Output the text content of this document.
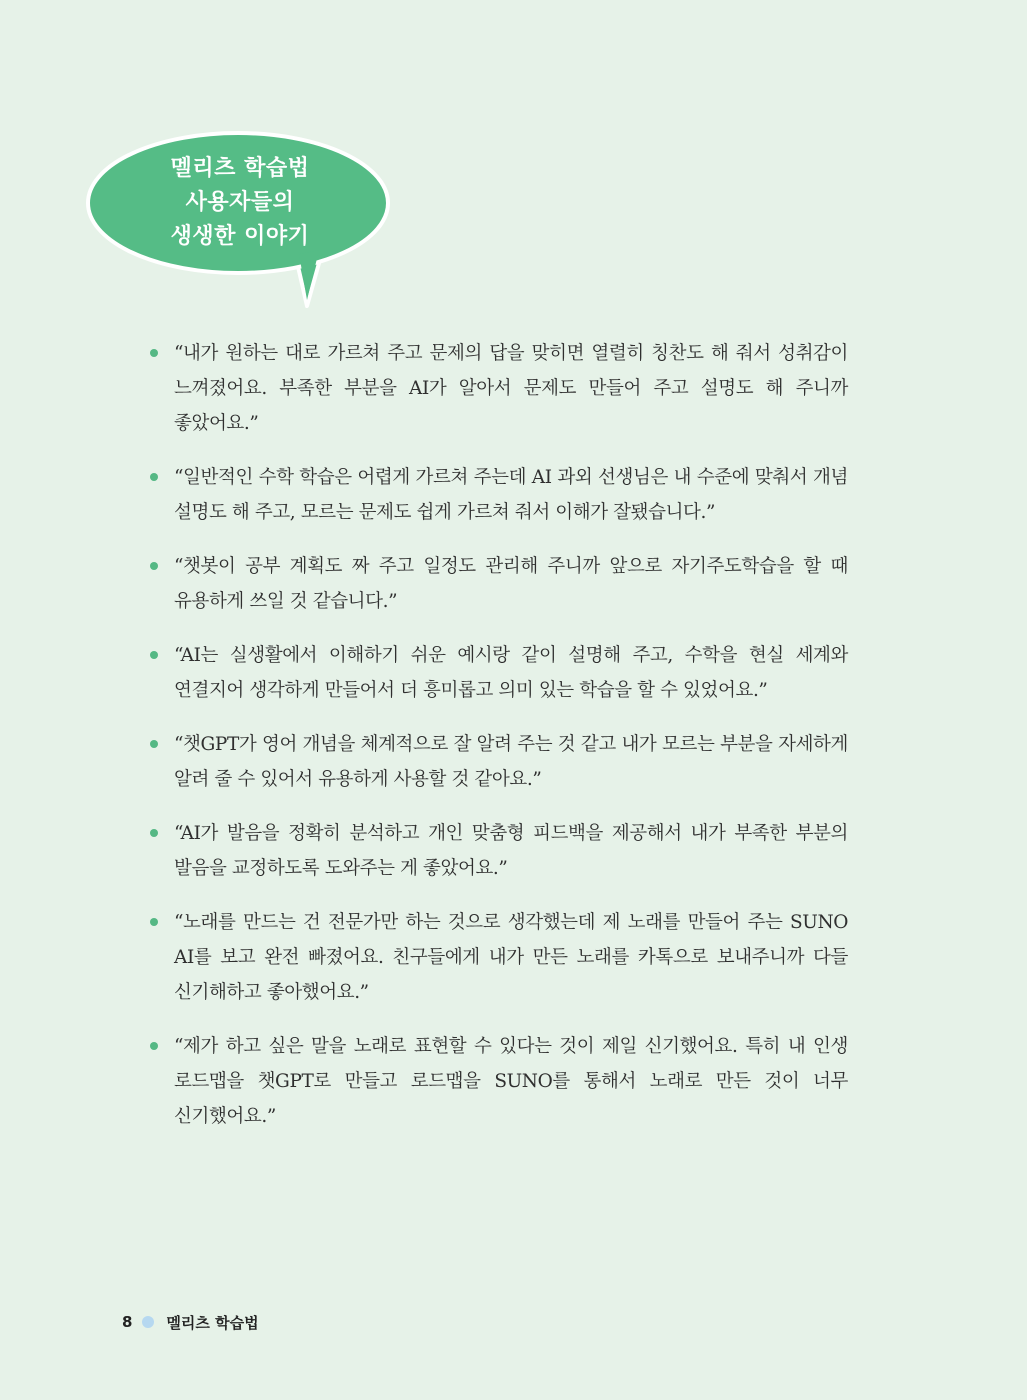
멜리츠 학습법
사용자들의
생생한 이야기
“내가 원하는 대로 가르쳐 주고 문제의 답을 맞히면 열렬히 칭찬도 해 줘서 성취감이 느껴졌어요. 부족한 부분을 AI가 알아서 문제도 만들어 주고 설명도 해 주니까 좋았어요.”
“일반적인 수학 학습은 어렵게 가르쳐 주는데 AI 과외 선생님은 내 수준에 맞춰서 개념 설명도 해 주고, 모르는 문제도 쉽게 가르쳐 줘서 이해가 잘됐습니다.”
“챗봇이 공부 계획도 짜 주고 일정도 관리해 주니까 앞으로 자기주도학습을 할 때 유용하게 쓰일 것 같습니다.”
“AI는 실생활에서 이해하기 쉬운 예시랑 같이 설명해 주고, 수학을 현실 세계와 연결지어 생각하게 만들어서 더 흥미롭고 의미 있는 학습을 할 수 있었어요.”
“챗GPT가 영어 개념을 체계적으로 잘 알려 주는 것 같고 내가 모르는 부분을 자세하게 알려 줄 수 있어서 유용하게 사용할 것 같아요.”
“AI가 발음을 정확히 분석하고 개인 맞춤형 피드백을 제공해서 내가 부족한 부분의 발음을 교정하도록 도와주는 게 좋았어요.”
“노래를 만드는 건 전문가만 하는 것으로 생각했는데 제 노래를 만들어 주는 SUNO AI를 보고 완전 빠졌어요. 친구들에게 내가 만든 노래를 카톡으로 보내주니까 다들 신기해하고 좋아했어요.”
“제가 하고 싶은 말을 노래로 표현할 수 있다는 것이 제일 신기했어요. 특히 내 인생 로드맵을 챗GPT로 만들고 로드맵을 SUNO를 통해서 노래로 만든 것이 너무 신기했어요.”
8 멜리츠 학습법
